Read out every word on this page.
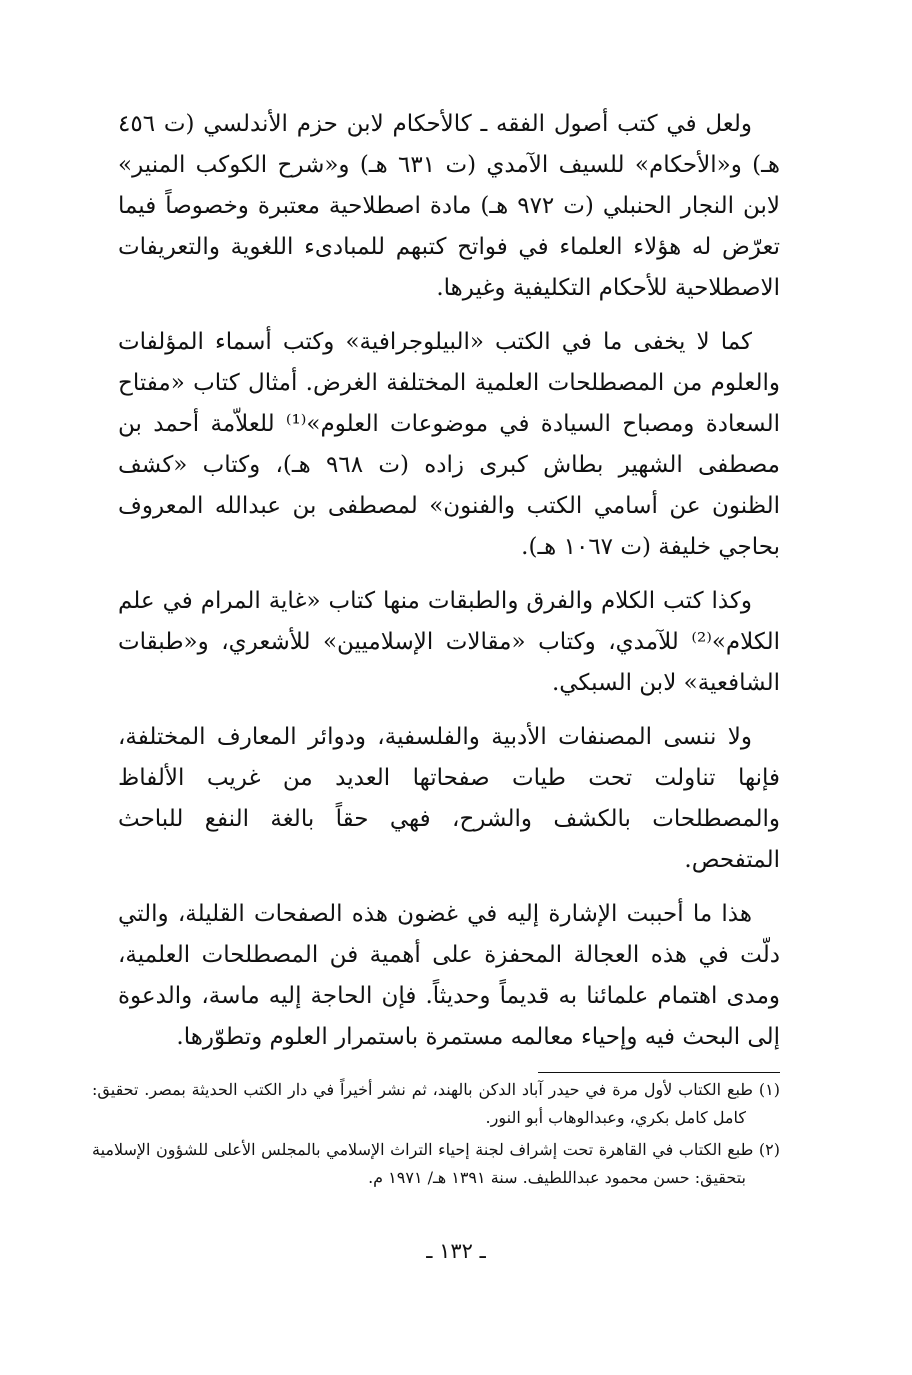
ولعل في كتب أصول الفقه ـ كالأحكام لابن حزم الأندلسي (ت ٤٥٦ هـ) و«الأحكام» للسيف الآمدي (ت ٦٣١ هـ) و«شرح الكوكب المنير» لابن النجار الحنبلي (ت ٩٧٢ هـ) مادة اصطلاحية معتبرة وخصوصاً فيما تعرّض له هؤلاء العلماء في فواتح كتبهم للمبادىء اللغوية والتعريفات الاصطلاحية للأحكام التكليفية وغيرها.

كما لا يخفى ما في الكتب «البيلوجرافية» وكتب أسماء المؤلفات والعلوم من المصطلحات العلمية المختلفة الغرض. أمثال كتاب «مفتاح السعادة ومصباح السيادة في موضوعات العلوم»⁽¹⁾ للعلاّمة أحمد بن مصطفى الشهير بطاش كبرى زاده (ت ٩٦٨ هـ)، وكتاب «كشف الظنون عن أسامي الكتب والفنون» لمصطفى بن عبدالله المعروف بحاجي خليفة (ت ١٠٦٧ هـ).

وكذا كتب الكلام والفرق والطبقات منها كتاب «غاية المرام في علم الكلام»⁽²⁾ للآمدي، وكتاب «مقالات الإسلاميين» للأشعري، و«طبقات الشافعية» لابن السبكي.

ولا ننسى المصنفات الأدبية والفلسفية، ودوائر المعارف المختلفة، فإنها تناولت تحت طيات صفحاتها العديد من غريب الألفاظ والمصطلحات بالكشف والشرح، فهي حقاً بالغة النفع للباحث المتفحص.

هذا ما أحببت الإشارة إليه في غضون هذه الصفحات القليلة، والتي دلّت في هذه العجالة المحفزة على أهمية فن المصطلحات العلمية، ومدى اهتمام علمائنا به قديماً وحديثاً. فإن الحاجة إليه ماسة، والدعوة إلى البحث فيه وإحياء معالمه مستمرة باستمرار العلوم وتطوّرها.

(١) طبع الكتاب لأول مرة في حيدر آباد الدكن بالهند، ثم نشر أخيراً في دار الكتب الحديثة بمصر. تحقيق: كامل كامل بكري، وعبدالوهاب أبو النور.

(٢) طبع الكتاب في القاهرة تحت إشراف لجنة إحياء التراث الإسلامي بالمجلس الأعلى للشؤون الإسلامية بتحقيق: حسن محمود عبداللطيف. سنة ١٣٩١ هـ/ ١٩٧١ م.

ـ ١٣٢ ـ
